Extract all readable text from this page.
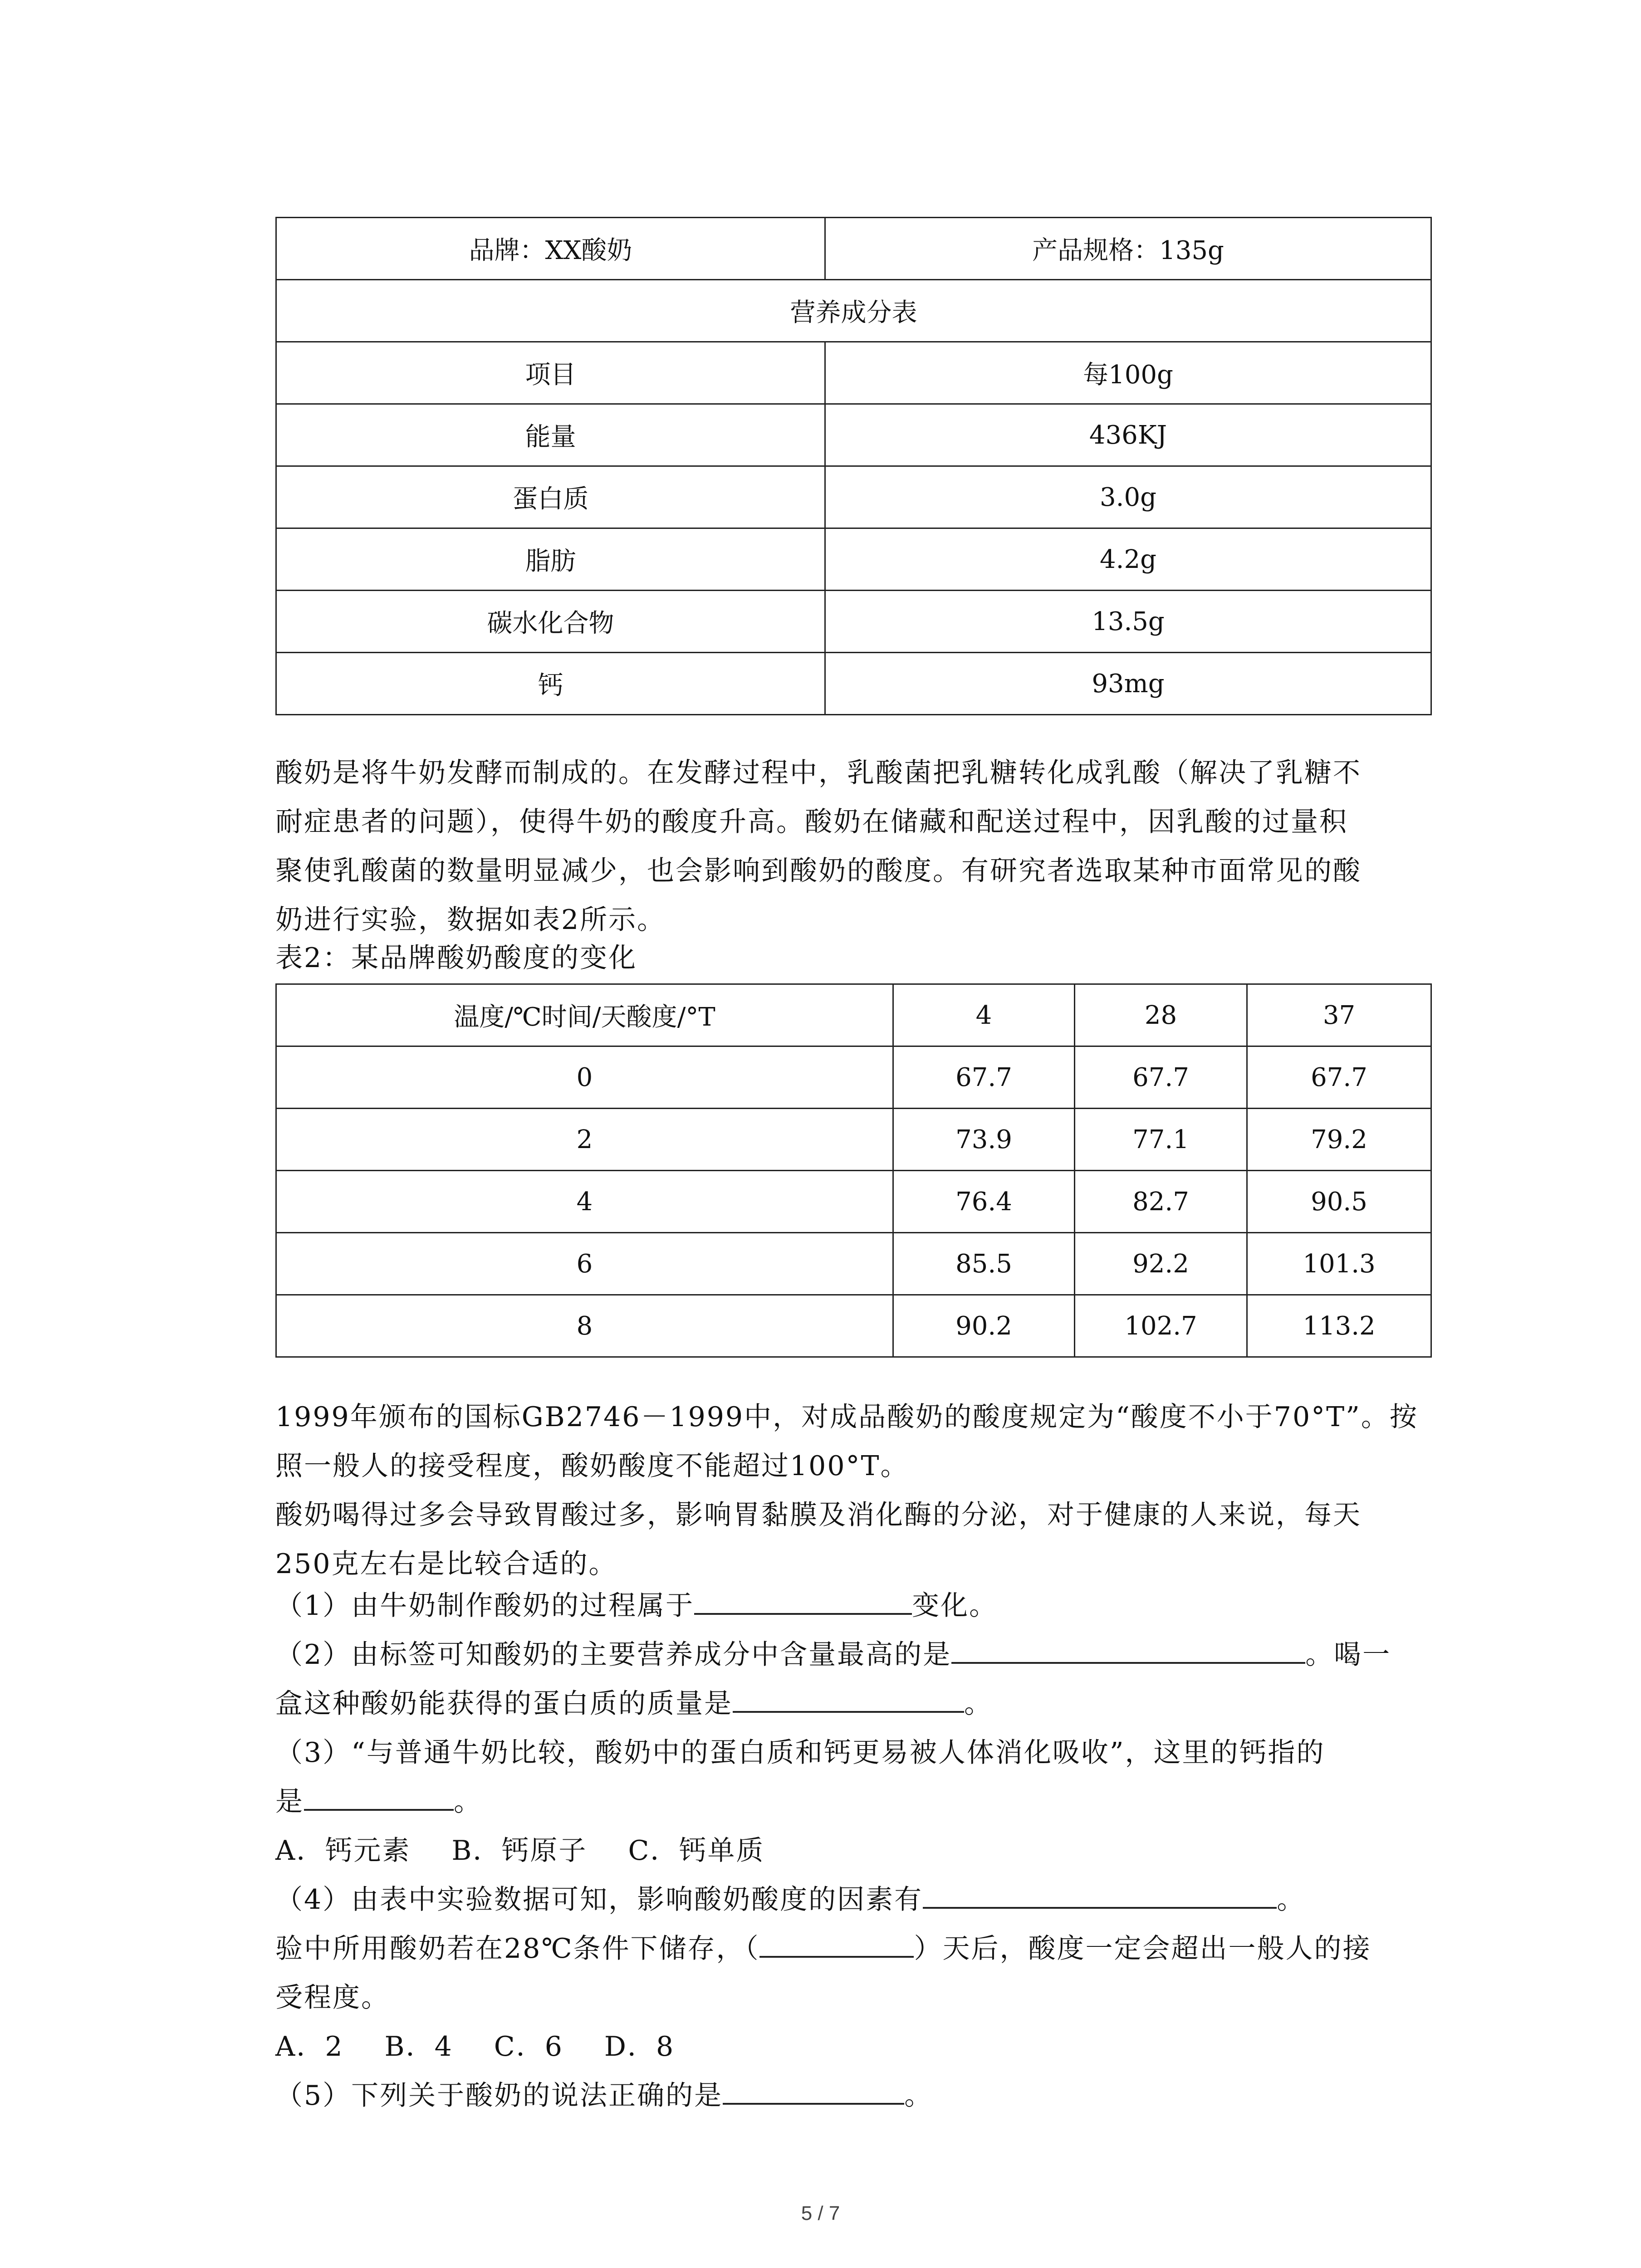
品牌：XX酸奶	产品规格：135g
营养成分表	
项目	每100g
能量	436KJ
蛋白质	3.0g
脂肪	4.2g
碳水化合物	13.5g
钙	93mg
酸奶是将牛奶发酵而制成的。在发酵过程中，乳酸菌把乳糖转化成乳酸（解决了乳糖不
耐症患者的问题），使得牛奶的酸度升高。酸奶在储藏和配送过程中，因乳酸的过量积
聚使乳酸菌的数量明显减少，也会影响到酸奶的酸度。有研究者选取某种市面常见的酸
奶进行实验，数据如表2所示。
表2：某品牌酸奶酸度的变化
温度/℃时间/天酸度/°T	4	28	37
0	67.7	67.7	67.7
2	73.9	77.1	79.2
4	76.4	82.7	90.5
6	85.5	92.2	101.3
8	90.2	102.7	113.2
1999年颁布的国标GB2746－1999中，对成品酸奶的酸度规定为“酸度不小于70°T”。按
照一般人的接受程度，酸奶酸度不能超过100°T。
酸奶喝得过多会导致胃酸过多，影响胃黏膜及消化酶的分泌，对于健康的人来说，每天
250克左右是比较合适的。
（1）由牛奶制作酸奶的过程属于	变化。
（2）由标签可知酸奶的主要营养成分中含量最高的是	。喝一
盒这种酸奶能获得的蛋白质的质量是	。
（3）“与普通牛奶比较，酸奶中的蛋白质和钙更易被人体消化吸收”，这里的钙指的
是	。
A．钙元素 B．钙原子 C．钙单质
（4）由表中实验数据可知，影响酸奶酸度的因素有	。
验中所用酸奶若在28℃条件下储存，（	）天后，酸度一定会超出一般人的接
受程度。
A．2 B．4 C．6 D．8
（5）下列关于酸奶的说法正确的是	。
5 / 7
